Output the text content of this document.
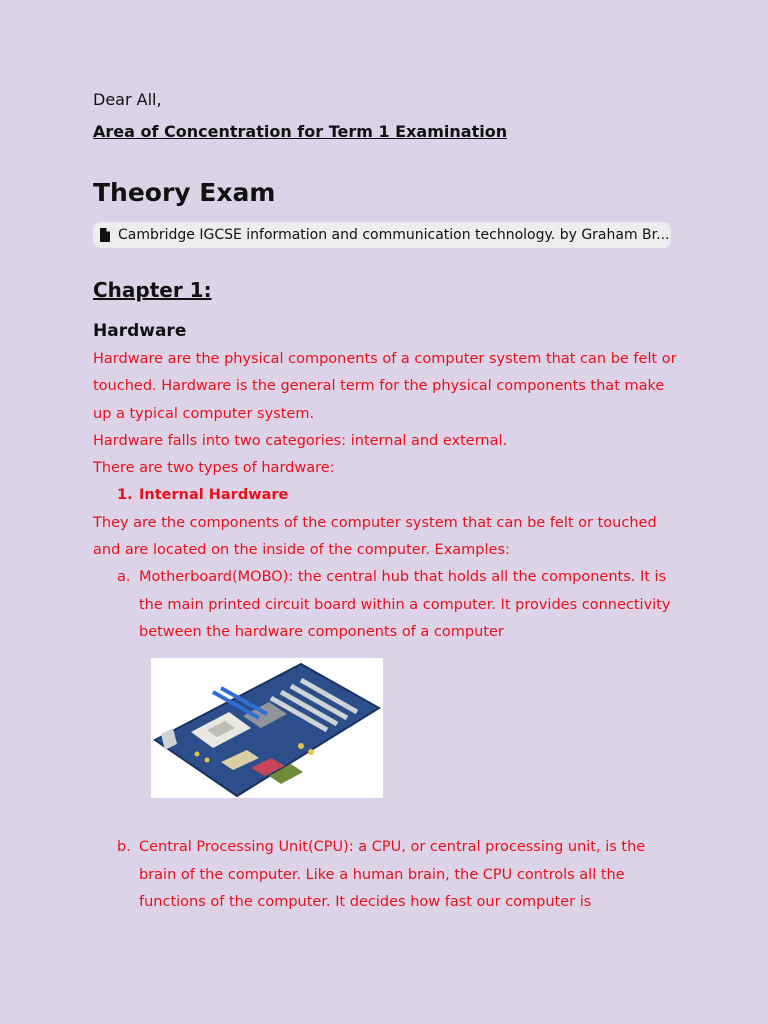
Dear All,

Area of Concentration for Term 1 Examination

Theory Exam
Cambridge IGCSE information and communication technology. by Graham Br...
Chapter 1:
Hardware

Hardware are the physical components of a computer system that can be felt or touched. Hardware is the general term for the physical components that make up a typical computer system.

Hardware falls into two categories: internal and external.

There are two types of hardware:

1. Internal Hardware

They are the components of the computer system that can be felt or touched and are located on the inside of the computer. Examples:

a. Motherboard(MOBO): the central hub that holds all the components. It is the main printed circuit board within a computer. It provides connectivity between the hardware components of a computer
b. Central Processing Unit(CPU): a CPU, or central processing unit, is the brain of the computer. Like a human brain, the CPU controls all the functions of the computer. It decides how fast our computer is
